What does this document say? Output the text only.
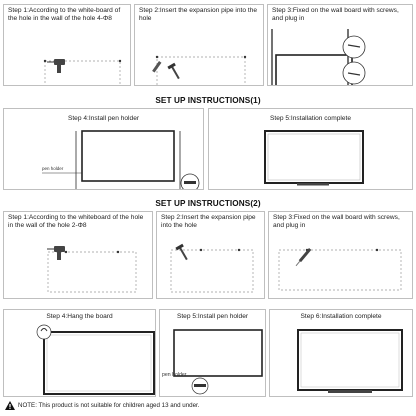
Step 1:According to the white-board of the hole in the wall of the hole 4-Φ8
Step 2:Insert the expansion pipe into the hole
Step 3:Fixed on the wall board with screws, and plug in
Step 4:Install pen holder
pen holder
Step 5:Installation complete
SET UP INSTRUCTIONS(1)
SET UP INSTRUCTIONS(2)
Step 1:According to the whiteboard of the hole in the wall of the hole 2-Φ8
Step 2:Insert the expansion pipe into the hole
Step 3:Fixed on the wall board with screws, and plug in
Step 4:Hang the board	Step 5:Install pen holder
pen holder
Step 6:Installation complete
NOTE: This product is not suitable for children aged 13 and under.
